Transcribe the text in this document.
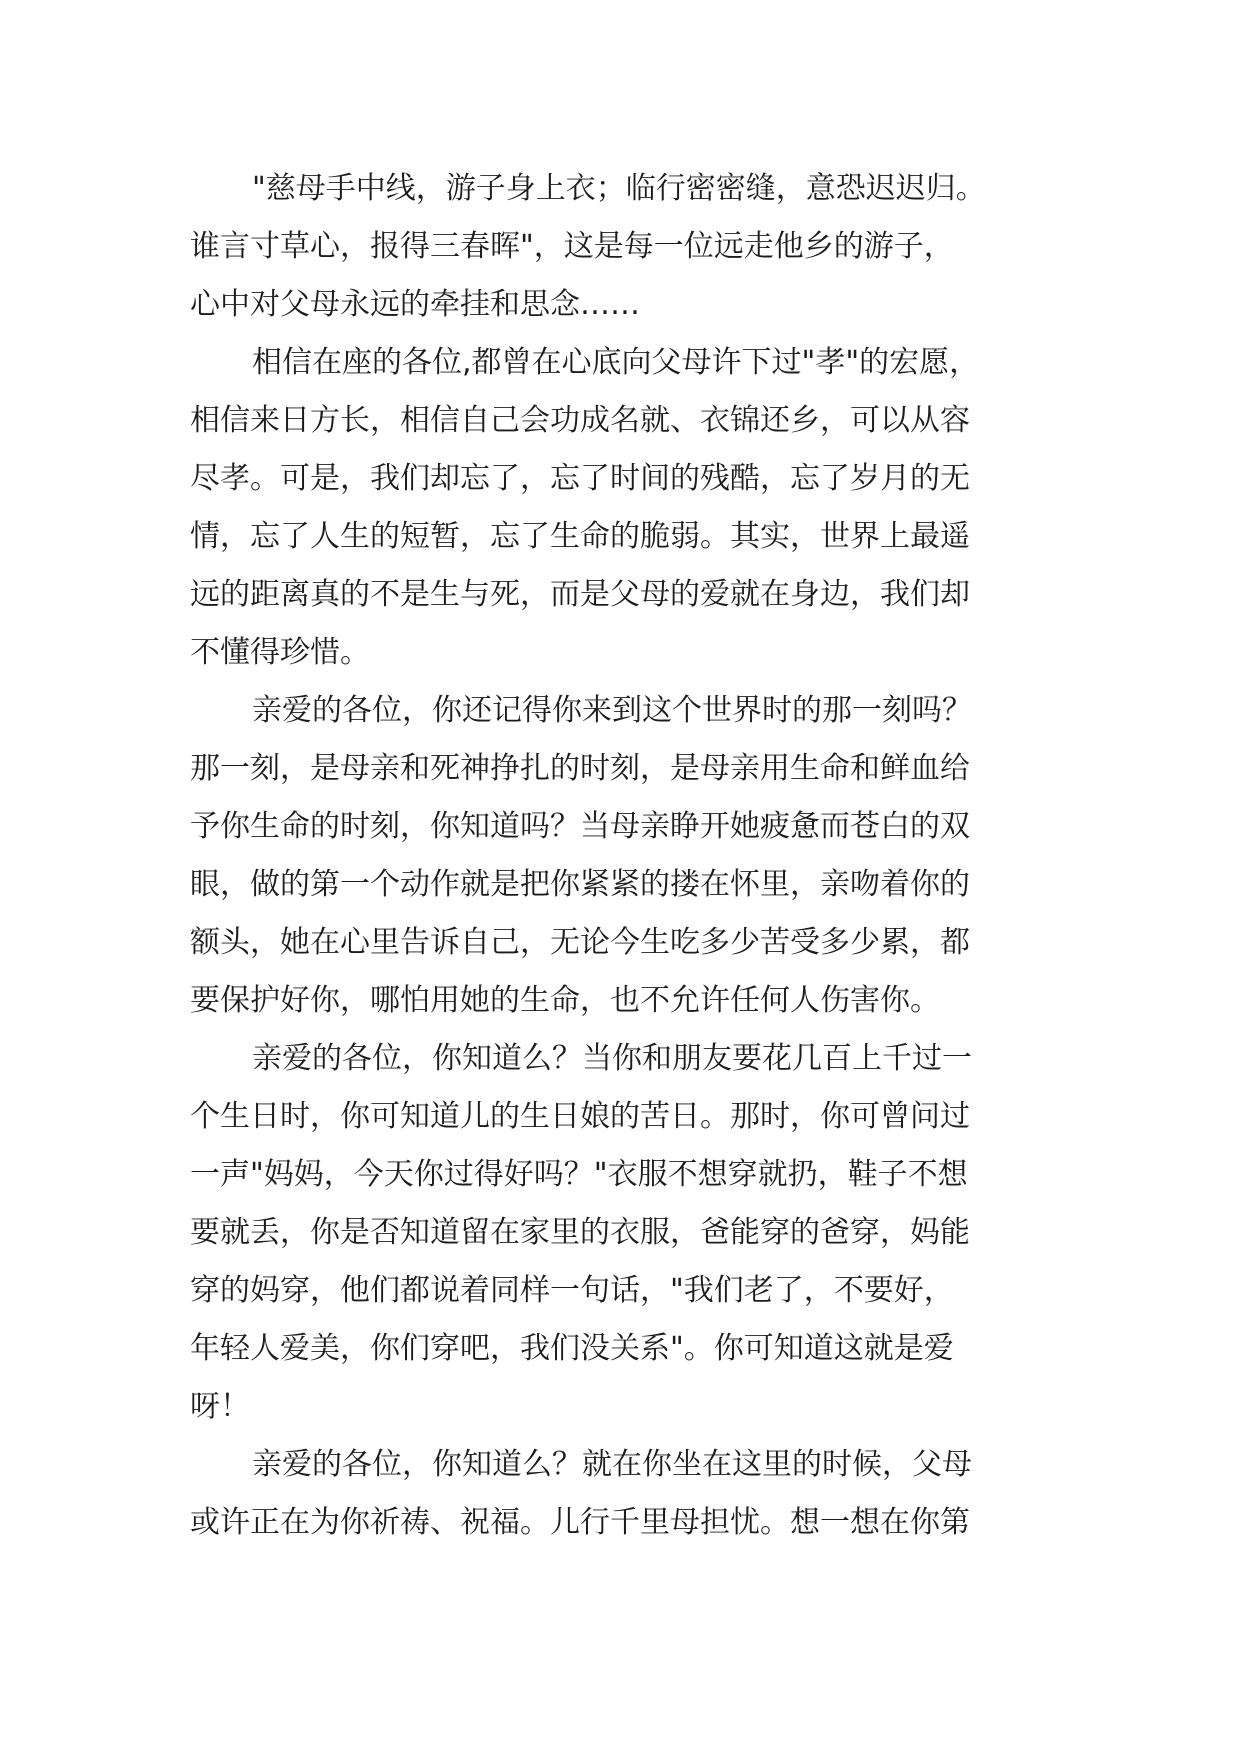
"慈母手中线，游子身上衣；临行密密缝，意恐迟迟归。
谁言寸草心，报得三春晖"，这是每一位远走他乡的游子，
心中对父母永远的牵挂和思念……
相信在座的各位,都曾在心底向父母许下过"孝"的宏愿，
相信来日方长，相信自己会功成名就、衣锦还乡，可以从容
尽孝。可是，我们却忘了，忘了时间的残酷，忘了岁月的无
情，忘了人生的短暂，忘了生命的脆弱。其实，世界上最遥
远的距离真的不是生与死，而是父母的爱就在身边，我们却
不懂得珍惜。
亲爱的各位，你还记得你来到这个世界时的那一刻吗？
那一刻，是母亲和死神挣扎的时刻，是母亲用生命和鲜血给
予你生命的时刻，你知道吗？当母亲睁开她疲惫而苍白的双
眼，做的第一个动作就是把你紧紧的搂在怀里，亲吻着你的
额头，她在心里告诉自己，无论今生吃多少苦受多少累，都
要保护好你，哪怕用她的生命，也不允许任何人伤害你。
亲爱的各位，你知道么？当你和朋友要花几百上千过一
个生日时，你可知道儿的生日娘的苦日。那时，你可曾问过
一声"妈妈，今天你过得好吗？"衣服不想穿就扔，鞋子不想
要就丢，你是否知道留在家里的衣服，爸能穿的爸穿，妈能
穿的妈穿，他们都说着同样一句话，"我们老了，不要好，
年轻人爱美，你们穿吧，我们没关系"。你可知道这就是爱
呀！
亲爱的各位，你知道么？就在你坐在这里的时候，父母
或许正在为你祈祷、祝福。儿行千里母担忧。想一想在你第
